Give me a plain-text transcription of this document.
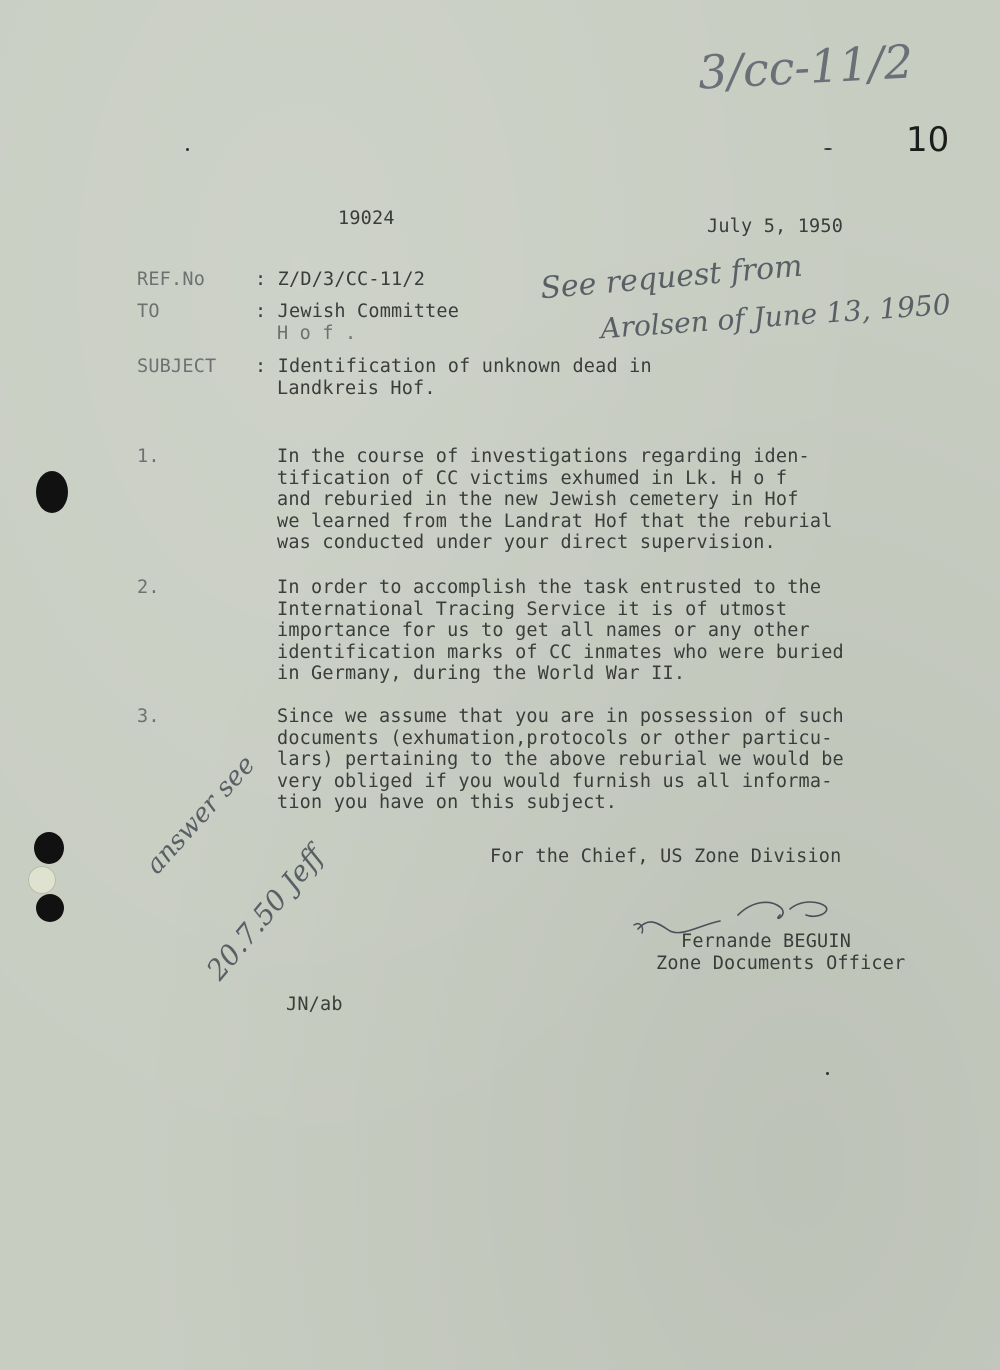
3/cc-11/2
10
19024	July 5, 1950
REF.No	: Z/D/3/CC-11/2
TO	: Jewish Committee
H o f .
SUBJECT : Identification of unknown dead in
Landkreis Hof.
See request from
Arolsen of June 13, 1950
1.	In the course of investigations regarding iden-
tification of CC victims exhumed in Lk. H o f
and reburied in the new Jewish cemetery in Hof
we learned from the Landrat Hof that the reburial
was conducted under your direct supervision.
2.	In order to accomplish the task entrusted to the
International Tracing Service it is of utmost
importance for us to get all names or any other
identification marks of CC inmates who were buried
in Germany, during the World War II.
3.	Since we assume that you are in possession of such
documents (exhumation,protocols or other particu-
lars) pertaining to the above reburial we would be
very obliged if you would furnish us all informa-
tion you have on this subject.
For the Chief, US Zone Division
Fernande BEGUIN
Zone Documents Officer
answer see
20.7.50 Jeff
JN/ab
